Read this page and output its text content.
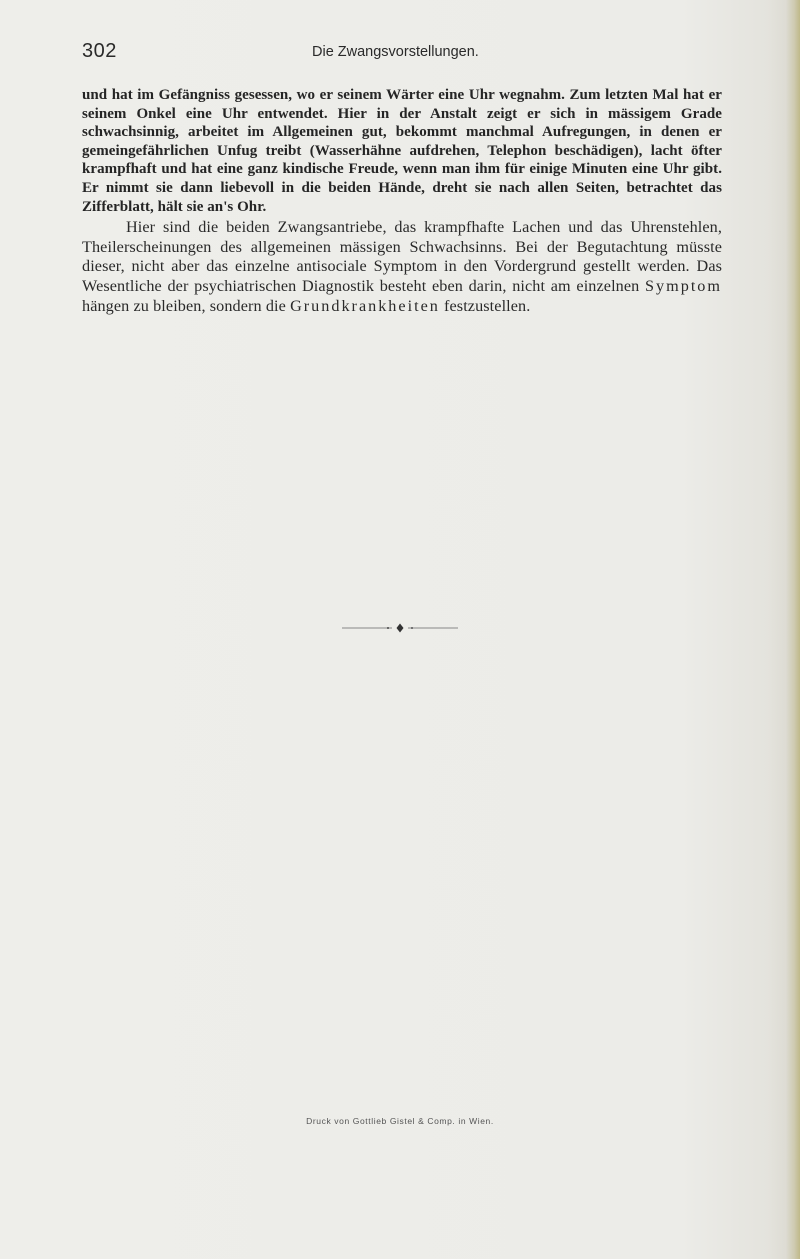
302	Die Zwangsvorstellungen.

und hat im Gefängniss gesessen, wo er seinem Wärter eine Uhr wegnahm. Zum letzten Mal hat er seinem Onkel eine Uhr entwendet. Hier in der Anstalt zeigt er sich in mässigem Grade schwachsinnig, arbeitet im Allgemeinen gut, bekommt manchmal Aufregungen, in denen er gemeingefährlichen Unfug treibt (Wasserhähne aufdrehen, Telephon beschädigen), lacht öfter krampfhaft und hat eine ganz kindische Freude, wenn man ihm für einige Minuten eine Uhr gibt. Er nimmt sie dann liebevoll in die beiden Hände, dreht sie nach allen Seiten, betrachtet das Zifferblatt, hält sie an's Ohr.

Hier sind die beiden Zwangsantriebe, das krampfhafte Lachen und das Uhrenstehlen, Theilerscheinungen des allgemeinen mässigen Schwachsinns. Bei der Begutachtung müsste dieser, nicht aber das einzelne antisociale Symptom in den Vordergrund gestellt werden. Das Wesentliche der psychiatrischen Diagnostik besteht eben darin, nicht am einzelnen Symptom hängen zu bleiben, sondern die Grundkrankheiten festzustellen.

Druck von Gottlieb Gistel & Comp. in Wien.
